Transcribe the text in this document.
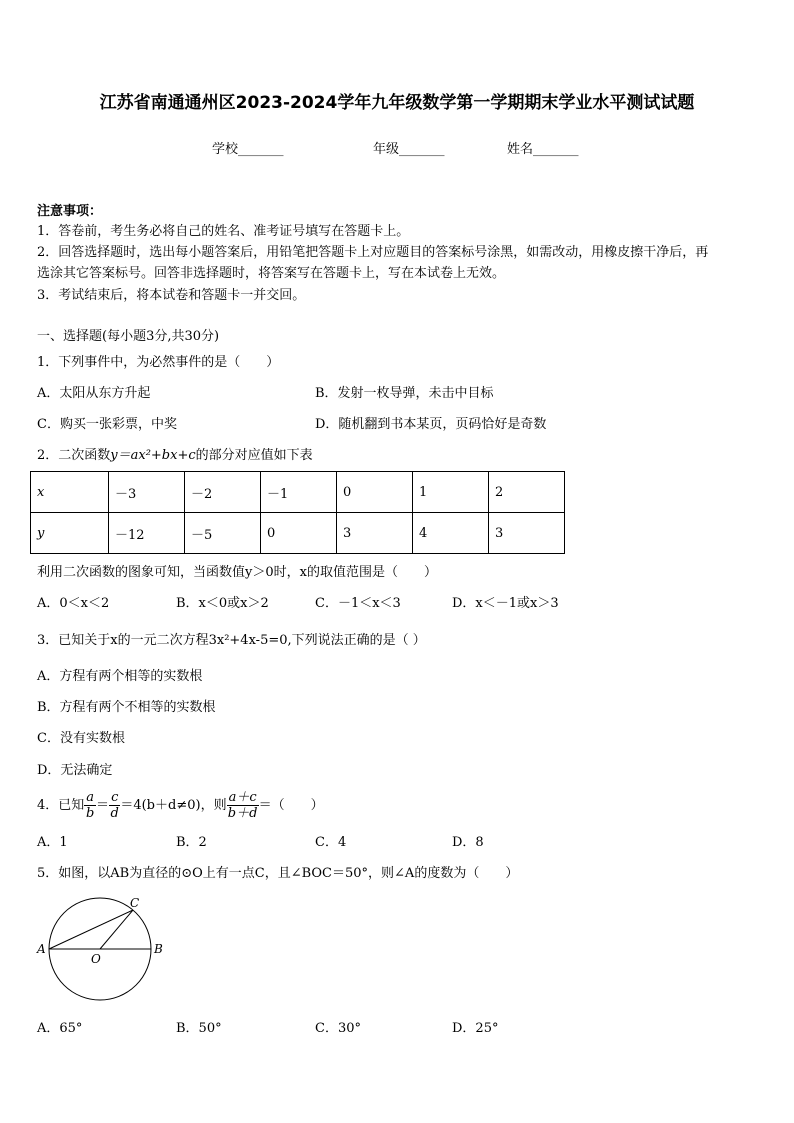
江苏省南通通州区2023-2024学年九年级数学第一学期期末学业水平测试试题
学校_______	年级_______	姓名_______
注意事项：
1．答卷前，考生务必将自己的姓名、准考证号填写在答题卡上。
2．回答选择题时，选出每小题答案后，用铅笔把答题卡上对应题目的答案标号涂黑，如需改动，用橡皮擦干净后，再
选涂其它答案标号。回答非选择题时，将答案写在答题卡上，写在本试卷上无效。
3．考试结束后，将本试卷和答题卡一并交回。
一、选择题(每小题3分,共30分)
1．下列事件中，为必然事件的是（　　）
A．太阳从东方升起	B．发射一枚导弹，未击中目标
C．购买一张彩票，中奖	D．随机翻到书本某页，页码恰好是奇数
2．二次函数y＝ax²+bx+c的部分对应值如下表
x	－3	－2	－1	0	1	2
y	－12	－5	0	3	4	3
利用二次函数的图象可知，当函数值y＞0时，x的取值范围是（　　）
A．0＜x＜2	B．x＜0或x＞2	C．－1＜x＜3	D．x＜－1或x＞3
3．已知关于x的一元二次方程3x²+4x-5=0,下列说法正确的是（ ）
A．方程有两个相等的实数根
B．方程有两个不相等的实数根
C．没有实数根
D．无法确定
4．已知 $\frac{a}{b} = \frac{c}{d} =4(b+d\ne 0)$，则 $\frac{a+c}{b+d}$ ＝（　　）
A．1	B．2	C．4	D．8
5．如图，以AB为直径的⊙O上有一点C，且∠BOC＝50°，则∠A的度数为（　　）
A	B
C
O
A．65°	B．50°	C．30°	D．25°
